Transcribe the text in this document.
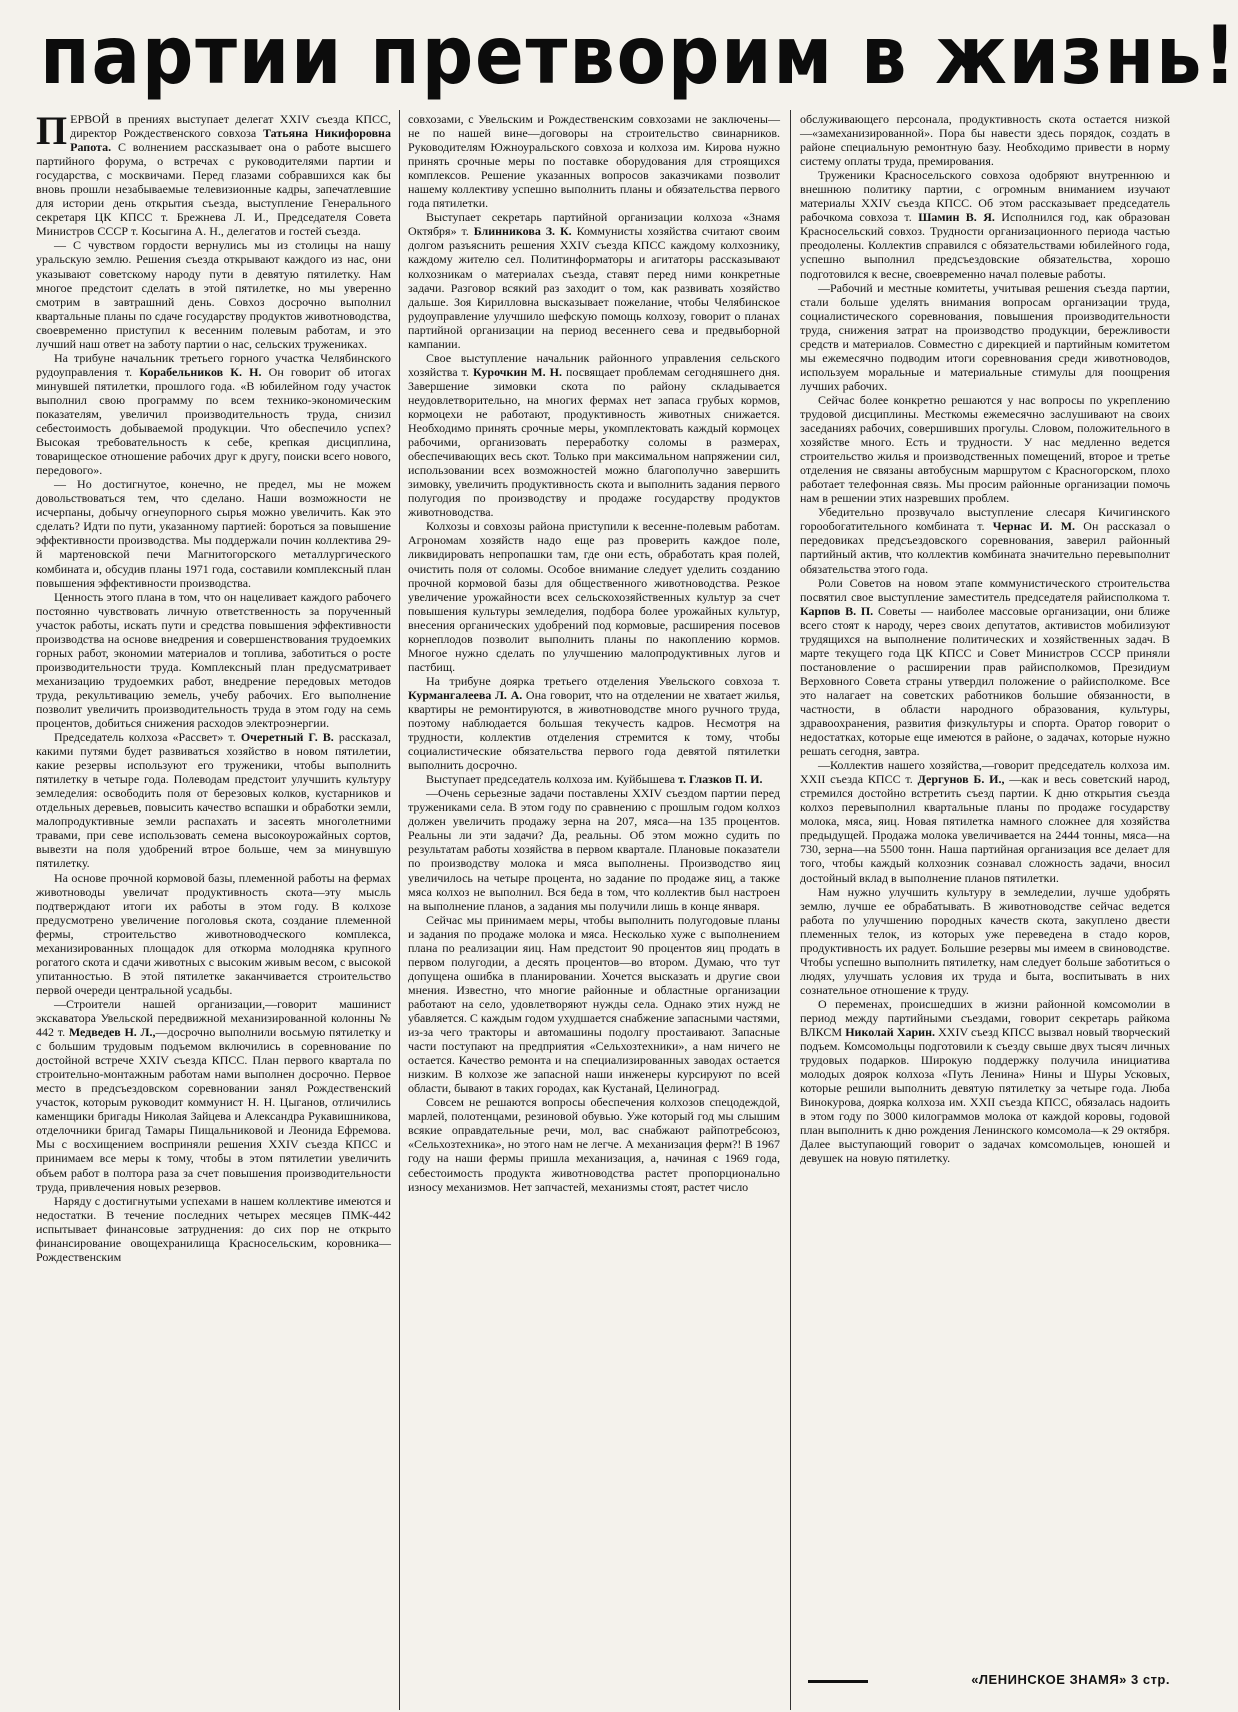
партии претворим в жизнь!

ПЕРВОЙ в прениях выступает делегат XXIV съезда КПСС, директор Рождественского совхоза Татьяна Никифоровна Рапота. С волнением рассказывает она о работе высшего партийного форума, о встречах с руководителями партии и государства, с москвичами. Перед глазами собравшихся как бы вновь прошли незабываемые телевизионные кадры, запечатлевшие для истории день открытия съезда, выступление Генерального секретаря ЦК КПСС т. Брежнева Л. И., Председателя Совета Министров СССР т. Косыгина А. Н., делегатов и гостей съезда.

— С чувством гордости вернулись мы из столицы на нашу уральскую землю. Решения съезда открывают каждого из нас, они указывают советскому народу пути в девятую пятилетку. Нам многое предстоит сделать в этой пятилетке, но мы уверенно смотрим в завтрашний день. Совхоз досрочно выполнил квартальные планы по сдаче государству продуктов животноводства, своевременно приступил к весенним полевым работам, и это лучший наш ответ на заботу партии о нас, сельских тружениках.

На трибуне начальник третьего горного участка Челябинского рудоуправления т. Корабельников К. Н. Он говорит об итогах минувшей пятилетки, прошлого года. «В юбилейном году участок выполнил свою программу по всем технико-экономическим показателям, увеличил производительность труда, снизил себестоимость добываемой продукции. Что обеспечило успех? Высокая требовательность к себе, крепкая дисциплина, товарищеское отношение рабочих друг к другу, поиски всего нового, передового».

— Но достигнутое, конечно, не предел, мы не можем довольствоваться тем, что сделано. Наши возможности не исчерпаны, добычу огнеупорного сырья можно увеличить. Как это сделать? Идти по пути, указанному партией: бороться за повышение эффективности производства. Мы поддержали почин коллектива 29-й мартеновской печи Магнитогорского металлургического комбината и, обсудив планы 1971 года, составили комплексный план повышения эффективности производства.

Ценность этого плана в том, что он нацеливает каждого рабочего постоянно чувствовать личную ответственность за порученный участок работы, искать пути и средства повышения эффективности производства на основе внедрения и совершенствования трудоемких горных работ, экономии материалов и топлива, заботиться о росте производительности труда. Комплексный план предусматривает механизацию трудоемких работ, внедрение передовых методов труда, рекультивацию земель, учебу рабочих. Его выполнение позволит увеличить производительность труда в этом году на семь процентов, добиться снижения расходов электроэнергии.

Председатель колхоза «Рассвет» т. Очеретный Г. В. рассказал, какими путями будет развиваться хозяйство в новом пятилетии, какие резервы используют его труженики, чтобы выполнить пятилетку в четыре года. Полеводам предстоит улучшить культуру земледелия: освободить поля от березовых колков, кустарников и отдельных деревьев, повысить качество вспашки и обработки земли, малопродуктивные земли распахать и засеять многолетними травами, при севе использовать семена высокоурожайных сортов, вывезти на поля удобрений втрое больше, чем за минувшую пятилетку.

На основе прочной кормовой базы, племенной работы на фермах животноводы увеличат продуктивность скота—эту мысль подтверждают итоги их работы в этом году. В колхозе предусмотрено увеличение поголовья скота, создание племенной фермы, строительство животноводческого комплекса, механизированных площадок для откорма молодняка крупного рогатого скота и сдачи животных с высоким живым весом, с высокой упитанностью. В этой пятилетке заканчивается строительство первой очереди центральной усадьбы.

—Строители нашей организации,—говорит машинист экскаватора Увельской передвижной механизированной колонны № 442 т. Медведев Н. Л.,—досрочно выполнили восьмую пятилетку и с большим трудовым подъемом включились в соревнование по достойной встрече XXIV съезда КПСС. План первого квартала по строительно-монтажным работам нами выполнен досрочно. Первое место в предсъездовском соревновании занял Рождественский участок, которым руководит коммунист Н. Н. Цыганов, отличились каменщики бригады Николая Зайцева и Александра Рукавишникова, отделочники бригад Тамары Пищальниковой и Леонида Ефремова. Мы с восхищением восприняли решения XXIV съезда КПСС и принимаем все меры к тому, чтобы в этом пятилетии увеличить объем работ в полтора раза за счет повышения производительности труда, привлечения новых резервов.

Наряду с достигнутыми успехами в нашем коллективе имеются и недостатки. В течение последних четырех месяцев ПМК-442 испытывает финансовые затруднения: до сих пор не открыто финансирование овощехранилища Красносельским, коровника—Рождественским

совхозами, с Увельским и Рождественским совхозами не заключены—не по нашей вине—договоры на строительство свинарников. Руководителям Южноуральского совхоза и колхоза им. Кирова нужно принять срочные меры по поставке оборудования для строящихся комплексов. Решение указанных вопросов заказчиками позволит нашему коллективу успешно выполнить планы и обязательства первого года пятилетки.

Выступает секретарь партийной организации колхоза «Знамя Октября» т. Блинникова З. К. Коммунисты хозяйства считают своим долгом разъяснить решения XXIV съезда КПСС каждому колхознику, каждому жителю сел. Политинформаторы и агитаторы рассказывают колхозникам о материалах съезда, ставят перед ними конкретные задачи. Разговор всякий раз заходит о том, как развивать хозяйство дальше. Зоя Кирилловна высказывает пожелание, чтобы Челябинское рудоуправление улучшило шефскую помощь колхозу, говорит о планах партийной организации на период весеннего сева и предвыборной кампании.

Свое выступление начальник районного управления сельского хозяйства т. Курочкин М. Н. посвящает проблемам сегодняшнего дня. Завершение зимовки скота по району складывается неудовлетворительно, на многих фермах нет запаса грубых кормов, кормоцехи не работают, продуктивность животных снижается. Необходимо принять срочные меры, укомплектовать каждый кормоцех рабочими, организовать переработку соломы в размерах, обеспечивающих весь скот. Только при максимальном напряжении сил, использовании всех возможностей можно благополучно завершить зимовку, увеличить продуктивность скота и выполнить задания первого полугодия по производству и продаже государству продуктов животноводства.

Колхозы и совхозы района приступили к весенне-полевым работам. Агрономам хозяйств надо еще раз проверить каждое поле, ликвидировать непропашки там, где они есть, обработать края полей, очистить поля от соломы. Особое внимание следует уделить созданию прочной кормовой базы для общественного животноводства. Резкое увеличение урожайности всех сельскохозяйственных культур за счет повышения культуры земледелия, подбора более урожайных культур, внесения органических удобрений под кормовые, расширения посевов корнеплодов позволит выполнить планы по накоплению кормов. Многое нужно сделать по улучшению малопродуктивных лугов и пастбищ.

На трибуне доярка третьего отделения Увельского совхоза т. Курмангалеева Л. А. Она говорит, что на отделении не хватает жилья, квартиры не ремонтируются, в животноводстве много ручного труда, поэтому наблюдается большая текучесть кадров. Несмотря на трудности, коллектив отделения стремится к тому, чтобы социалистические обязательства первого года девятой пятилетки выполнить досрочно.

Выступает председатель колхоза им. Куйбышева т. Глазков П. И.

—Очень серьезные задачи поставлены XXIV съездом партии перед тружениками села. В этом году по сравнению с прошлым годом колхоз должен увеличить продажу зерна на 207, мяса—на 135 процентов. Реальны ли эти задачи? Да, реальны. Об этом можно судить по результатам работы хозяйства в первом квартале. Плановые показатели по производству молока и мяса выполнены. Производство яиц увеличилось на четыре процента, но задание по продаже яиц, а также мяса колхоз не выполнил. Вся беда в том, что коллектив был настроен на выполнение планов, а задания мы получили лишь в конце января.

Сейчас мы принимаем меры, чтобы выполнить полугодовые планы и задания по продаже молока и мяса. Несколько хуже с выполнением плана по реализации яиц. Нам предстоит 90 процентов яиц продать в первом полугодии, а десять процентов—во втором. Думаю, что тут допущена ошибка в планировании. Хочется высказать и другие свои мнения. Известно, что многие районные и областные организации работают на село, удовлетворяют нужды села. Однако этих нужд не убавляется. С каждым годом ухудшается снабжение запасными частями, из-за чего тракторы и автомашины подолгу простаивают. Запасные части поступают на предприятия «Сельхозтехники», а нам ничего не остается. Качество ремонта и на специализированных заводах остается низким. В колхозе же запасной наши инженеры курсируют по всей области, бывают в таких городах, как Кустанай, Целиноград.

Совсем не решаются вопросы обеспечения колхозов спецодеждой, марлей, полотенцами, резиновой обувью. Уже который год мы слышим всякие оправдательные речи, мол, вас снабжают райпотребсоюз, «Сельхозтехника», но этого нам не легче. А механизация ферм?! В 1967 году на наши фермы пришла механизация, а, начиная с 1969 года, себестоимость продукта животноводства растет пропорционально износу механизмов. Нет запчастей, механизмы стоят, растет число

обслуживающего персонала, продуктивность скота остается низкой—«замеханизированной». Пора бы навести здесь порядок, создать в районе специальную ремонтную базу. Необходимо привести в норму систему оплаты труда, премирования.

Труженики Красносельского совхоза одобряют внутреннюю и внешнюю политику партии, с огромным вниманием изучают материалы XXIV съезда КПСС. Об этом рассказывает председатель рабочкома совхоза т. Шамин В. Я. Исполнился год, как образован Красносельский совхоз. Трудности организационного периода частью преодолены. Коллектив справился с обязательствами юбилейного года, успешно выполнил предсъездовские обязательства, хорошо подготовился к весне, своевременно начал полевые работы.

—Рабочий и местные комитеты, учитывая решения съезда партии, стали больше уделять внимания вопросам организации труда, социалистического соревнования, повышения производительности труда, снижения затрат на производство продукции, бережливости средств и материалов. Совместно с дирекцией и партийным комитетом мы ежемесячно подводим итоги соревнования среди животноводов, используем моральные и материальные стимулы для поощрения лучших рабочих.

Сейчас более конкретно решаются у нас вопросы по укреплению трудовой дисциплины. Месткомы ежемесячно заслушивают на своих заседаниях рабочих, совершивших прогулы. Словом, положительного в хозяйстве много. Есть и трудности. У нас медленно ведется строительство жилья и производственных помещений, второе и третье отделения не связаны автобусным маршрутом с Красногорском, плохо работает телефонная связь. Мы просим районные организации помочь нам в решении этих назревших проблем.

Убедительно прозвучало выступление слесаря Кичигинского горообогатительного комбината т. Чернас И. М. Он рассказал о передовиках предсъездовского соревнования, заверил районный партийный актив, что коллектив комбината значительно перевыполнит обязательства этого года.

Роли Советов на новом этапе коммунистического строительства посвятил свое выступление заместитель председателя райисполкома т. Карпов В. П. Советы — наиболее массовые организации, они ближе всего стоят к народу, через своих депутатов, активистов мобилизуют трудящихся на выполнение политических и хозяйственных задач. В марте текущего года ЦК КПСС и Совет Министров СССР приняли постановление о расширении прав райисполкомов, Президиум Верховного Совета страны утвердил положение о райисполкоме. Все это налагает на советских работников большие обязанности, в частности, в области народного образования, культуры, здравоохранения, развития физкультуры и спорта. Оратор говорит о недостатках, которые еще имеются в районе, о задачах, которые нужно решать сегодня, завтра.

—Коллектив нашего хозяйства,—говорит председатель колхоза им. XXII съезда КПСС т. Дергунов Б. И., —как и весь советский народ, стремился достойно встретить съезд партии. К дню открытия съезда колхоз перевыполнил квартальные планы по продаже государству молока, мяса, яиц. Новая пятилетка намного сложнее для хозяйства предыдущей. Продажа молока увеличивается на 2444 тонны, мяса—на 730, зерна—на 5500 тонн. Наша партийная организация все делает для того, чтобы каждый колхозник сознавал сложность задачи, вносил достойный вклад в выполнение планов пятилетки.

Нам нужно улучшить культуру в земледелии, лучше удобрять землю, лучше ее обрабатывать. В животноводстве сейчас ведется работа по улучшению породных качеств скота, закуплено двести племенных телок, из которых уже переведена в стадо коров, продуктивность их радует. Большие резервы мы имеем в свиноводстве. Чтобы успешно выполнить пятилетку, нам следует больше заботиться о людях, улучшать условия их труда и быта, воспитывать в них сознательное отношение к труду.

О переменах, происшедших в жизни районной комсомолии в период между партийными съездами, говорит секретарь райкома ВЛКСМ Николай Харин. XXIV съезд КПСС вызвал новый творческий подъем. Комсомольцы подготовили к съезду свыше двух тысяч личных трудовых подарков. Широкую поддержку получила инициатива молодых доярок колхоза «Путь Ленина» Нины и Шуры Усковых, которые решили выполнить девятую пятилетку за четыре года. Люба Винокурова, доярка колхоза им. XXII съезда КПСС, обязалась надоить в этом году по 3000 килограммов молока от каждой коровы, годовой план выполнить к дню рождения Ленинского комсомола—к 29 октября. Далее выступающий говорит о задачах комсомольцев, юношей и девушек на новую пятилетку.

«ЛЕНИНСКОЕ ЗНАМЯ» 3 стр.
